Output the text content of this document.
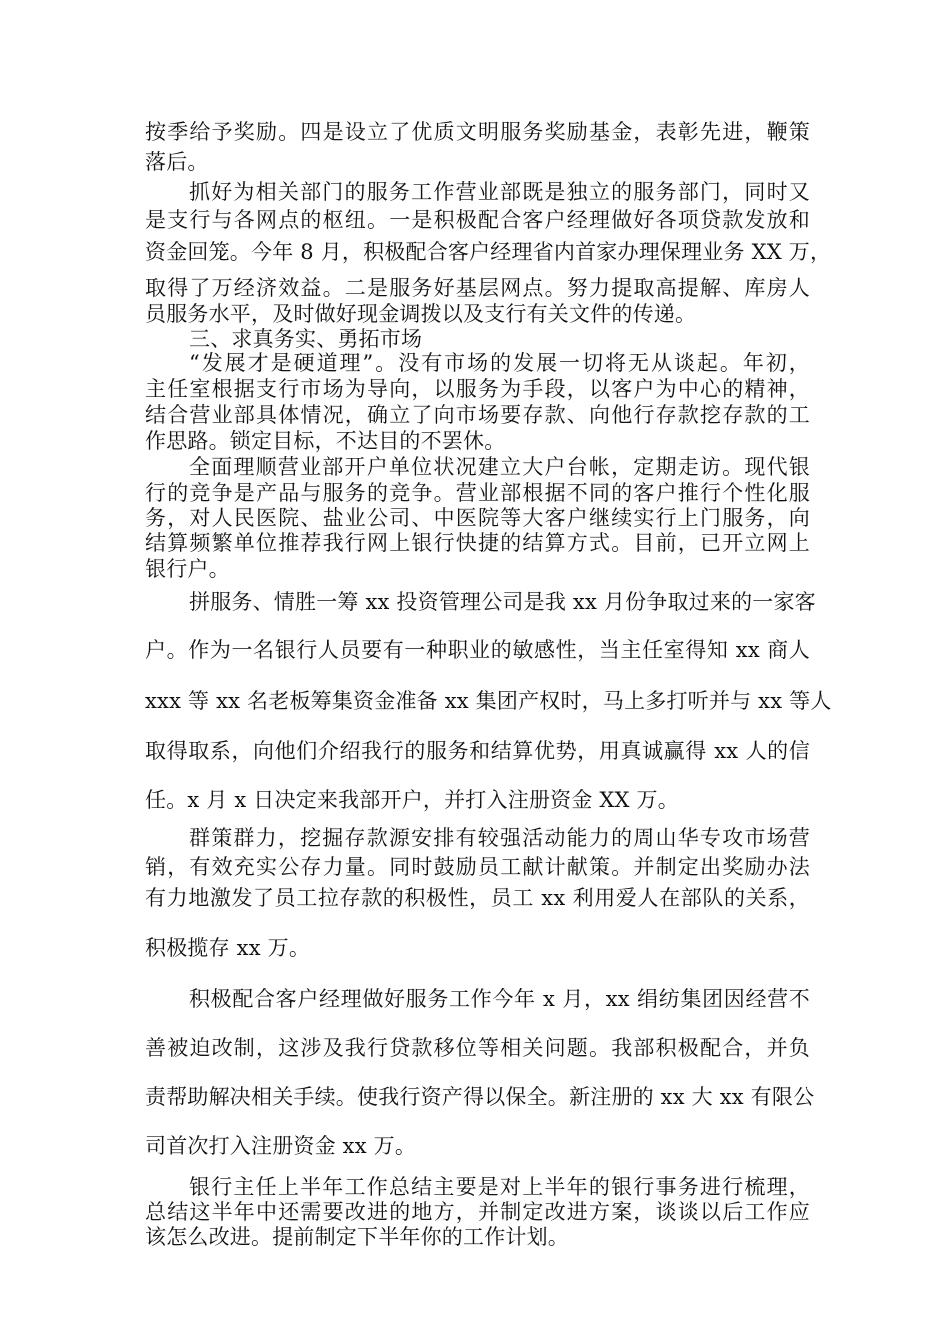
按季给予奖励。四是设立了优质文明服务奖励基金，表彰先进，鞭策
落后。
抓好为相关部门的服务工作营业部既是独立的服务部门，同时又
是支行与各网点的枢纽。一是积极配合客户经理做好各项贷款发放和
资金回笼。今年 8 月，积极配合客户经理省内首家办理保理业务 XX 万，
取得了万经济效益。二是服务好基层网点。努力提取高提解、库房人
员服务水平，及时做好现金调拨以及支行有关文件的传递。
三、求真务实、勇拓市场
“发展才是硬道理”。没有市场的发展一切将无从谈起。年初，
主任室根据支行市场为导向，以服务为手段，以客户为中心的精神，
结合营业部具体情况，确立了向市场要存款、向他行存款挖存款的工
作思路。锁定目标，不达目的不罢休。
全面理顺营业部开户单位状况建立大户台帐，定期走访。现代银
行的竞争是产品与服务的竞争。营业部根据不同的客户推行个性化服
务，对人民医院、盐业公司、中医院等大客户继续实行上门服务，向
结算频繁单位推荐我行网上银行快捷的结算方式。目前，已开立网上
银行户。
拼服务、情胜一筹 xx 投资管理公司是我 xx 月份争取过来的一家客
户。作为一名银行人员要有一种职业的敏感性，当主任室得知 xx 商人
xxx 等 xx 名老板筹集资金准备 xx 集团产权时，马上多打听并与 xx 等人
取得取系，向他们介绍我行的服务和结算优势，用真诚赢得 xx 人的信
任。x 月 x 日决定来我部开户，并打入注册资金 XX 万。
群策群力，挖掘存款源安排有较强活动能力的周山华专攻市场营
销，有效充实公存力量。同时鼓励员工献计献策。并制定出奖励办法
有力地激发了员工拉存款的积极性，员工 xx 利用爱人在部队的关系，
积极揽存 xx 万。
积极配合客户经理做好服务工作今年 x 月，xx 绢纺集团因经营不
善被迫改制，这涉及我行贷款移位等相关问题。我部积极配合，并负
责帮助解决相关手续。使我行资产得以保全。新注册的 xx 大 xx 有限公
司首次打入注册资金 xx 万。
银行主任上半年工作总结主要是对上半年的银行事务进行梳理，
总结这半年中还需要改进的地方，并制定改进方案，谈谈以后工作应
该怎么改进。提前制定下半年你的工作计划。
